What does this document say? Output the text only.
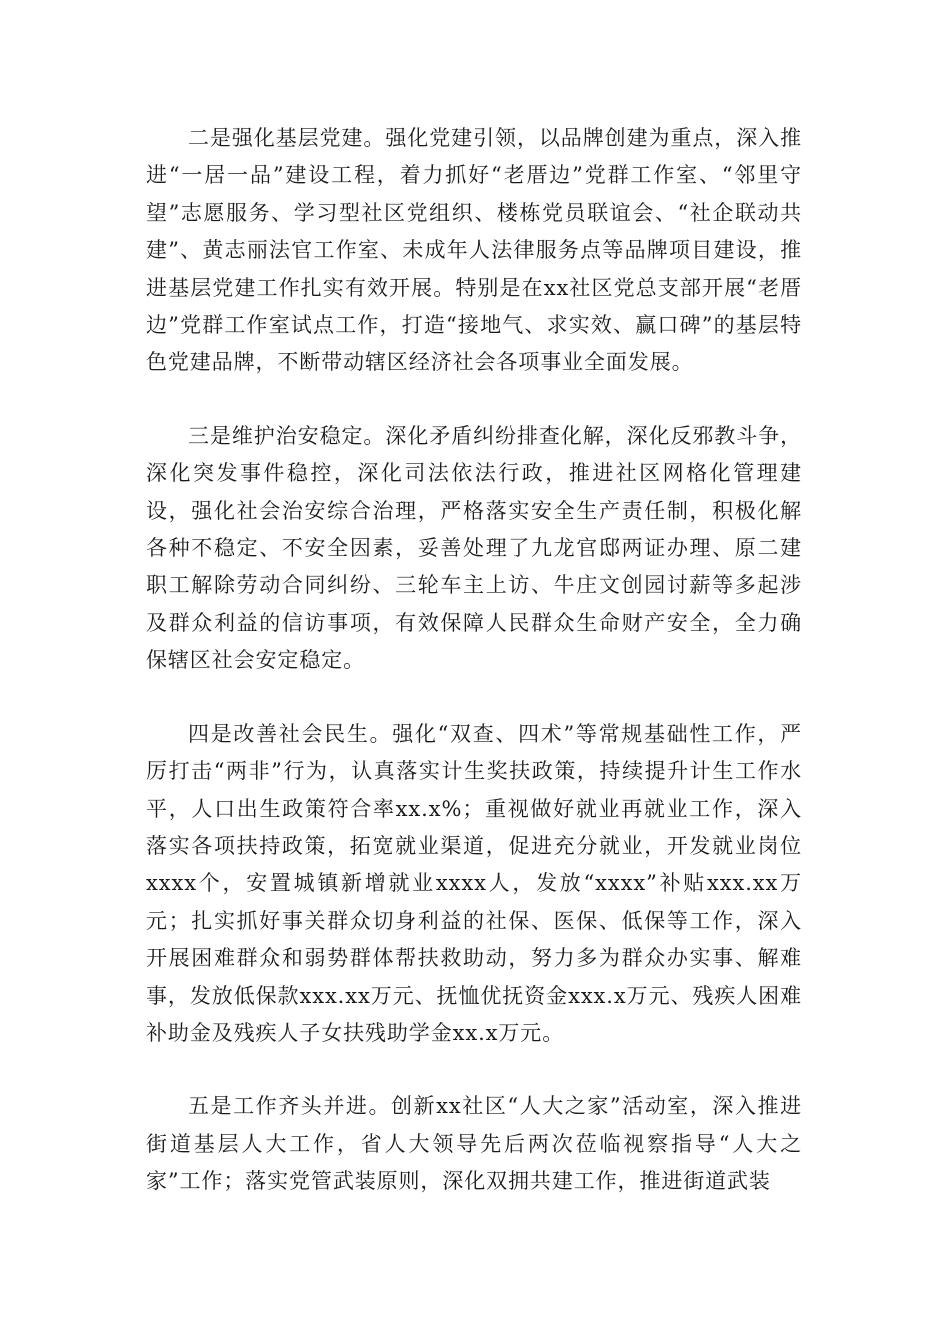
二是强化基层党建。强化党建引领，以品牌创建为重点，深入推进“一居一品”建设工程，着力抓好“老厝边”党群工作室、“邻里守望”志愿服务、学习型社区党组织、楼栋党员联谊会、“社企联动共建”、黄志丽法官工作室、未成年人法律服务点等品牌项目建设，推进基层党建工作扎实有效开展。特别是在xx社区党总支部开展“老厝边”党群工作室试点工作，打造“接地气、求实效、赢口碑”的基层特色党建品牌，不断带动辖区经济社会各项事业全面发展。

三是维护治安稳定。深化矛盾纠纷排查化解，深化反邪教斗争，深化突发事件稳控，深化司法依法行政，推进社区网格化管理建设，强化社会治安综合治理，严格落实安全生产责任制，积极化解各种不稳定、不安全因素，妥善处理了九龙官邸两证办理、原二建职工解除劳动合同纠纷、三轮车主上访、牛庄文创园讨薪等多起涉及群众利益的信访事项，有效保障人民群众生命财产安全，全力确保辖区社会安定稳定。

四是改善社会民生。强化“双查、四术”等常规基础性工作，严厉打击“两非”行为，认真落实计生奖扶政策，持续提升计生工作水平，人口出生政策符合率xx.x%；重视做好就业再就业工作，深入落实各项扶持政策，拓宽就业渠道，促进充分就业，开发就业岗位xxxx个，安置城镇新增就业xxxx人，发放“xxxx”补贴xxx.xx万元；扎实抓好事关群众切身利益的社保、医保、低保等工作，深入开展困难群众和弱势群体帮扶救助动，努力多为群众办实事、解难事，发放低保款xxx.xx万元、抚恤优抚资金xxx.x万元、残疾人困难补助金及残疾人子女扶残助学金xx.x万元。

五是工作齐头并进。创新xx社区“人大之家”活动室，深入推进街道基层人大工作，省人大领导先后两次莅临视察指导“人大之家”工作；落实党管武装原则，深化双拥共建工作，推进街道武装
